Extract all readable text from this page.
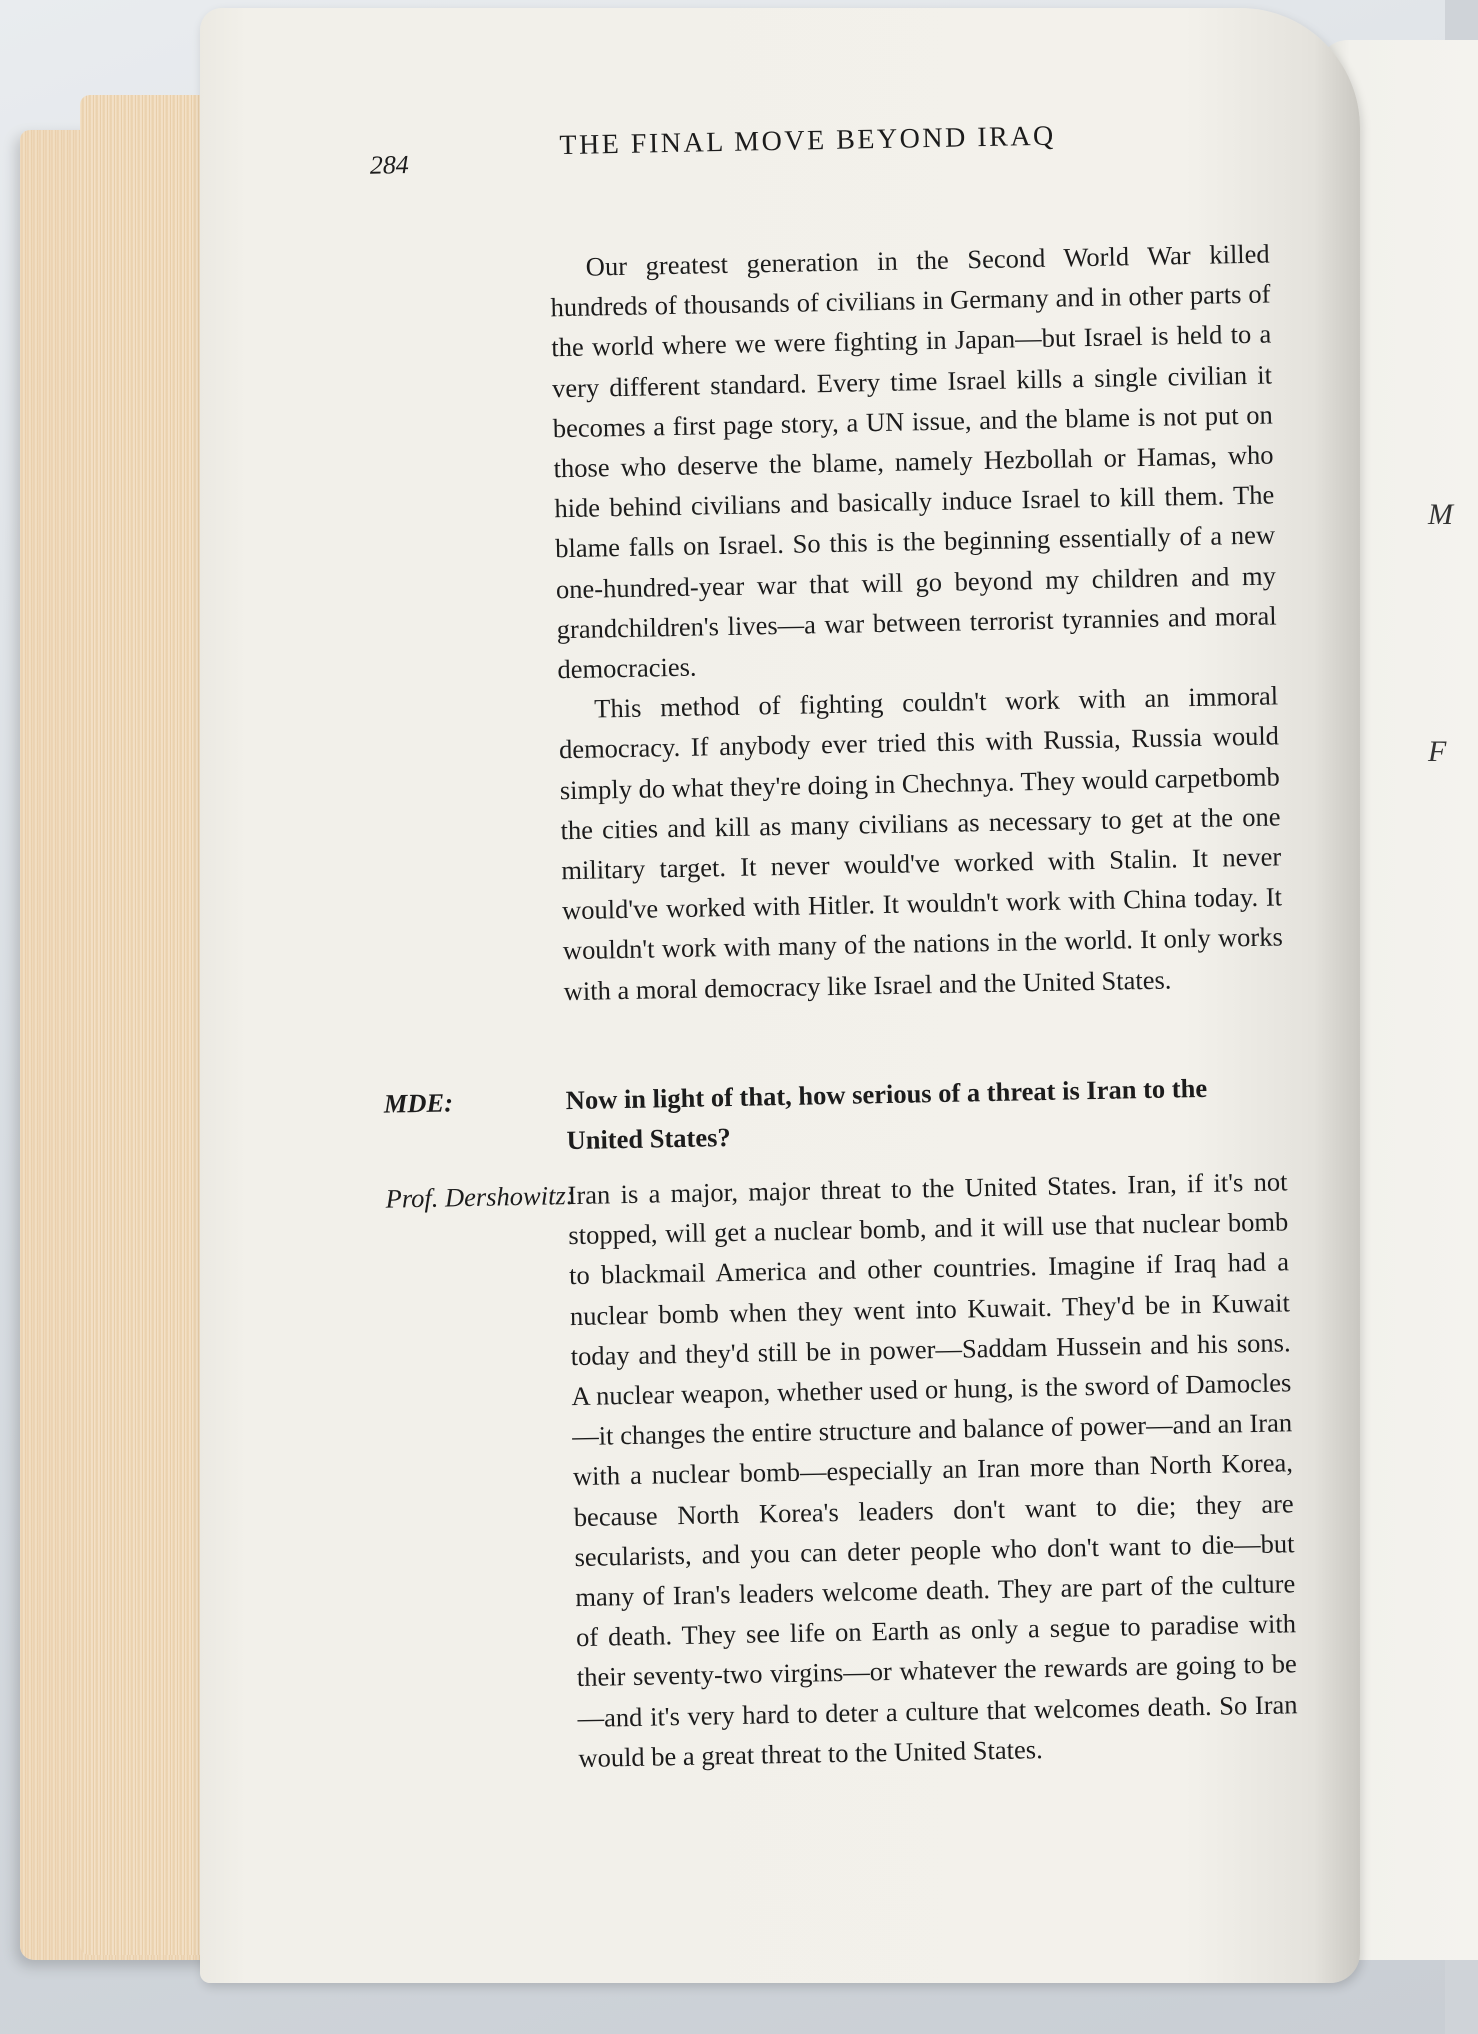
M
F
284
THE FINAL MOVE BEYOND IRAQ

Our greatest generation in the Second World War killed hundreds of thousands of civilians in Germany and in other parts of the world where we were fighting in Japan—but Israel is held to a very different standard. Every time Israel kills a single civilian it becomes a first page story, a UN issue, and the blame is not put on those who deserve the blame, namely Hezbollah or Hamas, who hide behind civilians and basically induce Israel to kill them. The blame falls on Israel. So this is the beginning essentially of a new one-hundred-year war that will go beyond my children and my grandchildren's lives—a war between terrorist tyrannies and moral democracies.

This method of fighting couldn't work with an immoral democracy. If anybody ever tried this with Russia, Russia would simply do what they're doing in Chechnya. They would carpetbomb the cities and kill as many civilians as necessary to get at the one military target. It never would've worked with Stalin. It never would've worked with Hitler. It wouldn't work with China today. It wouldn't work with many of the nations in the world. It only works with a moral democracy like Israel and the United States.

MDE:	Now in light of that, how serious of a threat is Iran to the United States?
Prof. Dershowitz:
Iran is a major, major threat to the United States. Iran, if it's not stopped, will get a nuclear bomb, and it will use that nuclear bomb to blackmail America and other countries. Imagine if Iraq had a nuclear bomb when they went into Kuwait. They'd be in Kuwait today and they'd still be in power—Saddam Hussein and his sons. A nuclear weapon, whether used or hung, is the sword of Damocles—it changes the entire structure and balance of power—and an Iran with a nuclear bomb—especially an Iran more than North Korea, because North Korea's leaders don't want to die; they are secularists, and you can deter people who don't want to die—but many of Iran's leaders welcome death. They are part of the culture of death. They see life on Earth as only a segue to paradise with their seventy-two virgins—or whatever the rewards are going to be—and it's very hard to deter a culture that welcomes death. So Iran would be a great threat to the United States.
